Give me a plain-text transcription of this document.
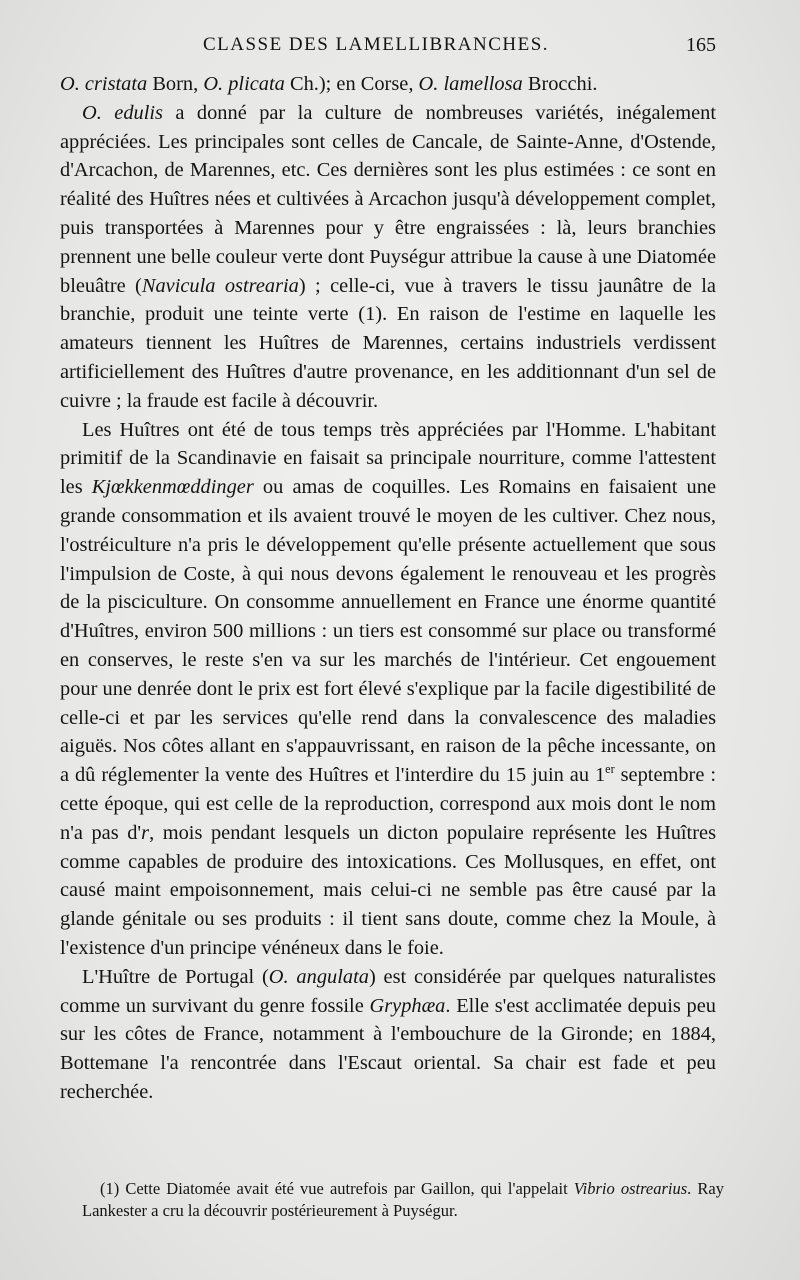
CLASSE DES LAMELLIBRANCHES.	165

O. cristata Born, O. plicata Ch.); en Corse, O. lamellosa Brocchi.

O. edulis a donné par la culture de nombreuses variétés, inégalement appréciées. Les principales sont celles de Cancale, de Sainte-Anne, d'Ostende, d'Arcachon, de Marennes, etc. Ces dernières sont les plus estimées : ce sont en réalité des Huîtres nées et cultivées à Arcachon jusqu'à développement complet, puis transportées à Marennes pour y être engraissées : là, leurs branchies prennent une belle couleur verte dont Puységur attribue la cause à une Diatomée bleuâtre (Navicula ostrearia) ; celle-ci, vue à travers le tissu jaunâtre de la branchie, produit une teinte verte (1). En raison de l'estime en laquelle les amateurs tiennent les Huîtres de Marennes, certains industriels verdissent artificiellement des Huîtres d'autre provenance, en les additionnant d'un sel de cuivre ; la fraude est facile à découvrir.

Les Huîtres ont été de tous temps très appréciées par l'Homme. L'habitant primitif de la Scandinavie en faisait sa principale nourriture, comme l'attestent les Kjœkkenmœddinger ou amas de coquilles. Les Romains en faisaient une grande consommation et ils avaient trouvé le moyen de les cultiver. Chez nous, l'ostréiculture n'a pris le développement qu'elle présente actuellement que sous l'impulsion de Coste, à qui nous devons également le renouveau et les progrès de la pisciculture. On consomme annuellement en France une énorme quantité d'Huîtres, environ 500 millions : un tiers est consommé sur place ou transformé en conserves, le reste s'en va sur les marchés de l'intérieur. Cet engouement pour une denrée dont le prix est fort élevé s'explique par la facile digestibilité de celle-ci et par les services qu'elle rend dans la convalescence des maladies aiguës. Nos côtes allant en s'appauvrissant, en raison de la pêche incessante, on a dû réglementer la vente des Huîtres et l'interdire du 15 juin au 1er septembre : cette époque, qui est celle de la reproduction, correspond aux mois dont le nom n'a pas d'r, mois pendant lesquels un dicton populaire représente les Huîtres comme capables de produire des intoxications. Ces Mollusques, en effet, ont causé maint empoisonnement, mais celui-ci ne semble pas être causé par la glande génitale ou ses produits : il tient sans doute, comme chez la Moule, à l'existence d'un principe vénéneux dans le foie.

L'Huître de Portugal (O. angulata) est considérée par quelques naturalistes comme un survivant du genre fossile Gryphæa. Elle s'est acclimatée depuis peu sur les côtes de France, notamment à l'embouchure de la Gironde; en 1884, Bottemane l'a rencontrée dans l'Escaut oriental. Sa chair est fade et peu recherchée.

(1) Cette Diatomée avait été vue autrefois par Gaillon, qui l'appelait Vibrio ostrearius. Ray Lankester a cru la découvrir postérieurement à Puységur.
